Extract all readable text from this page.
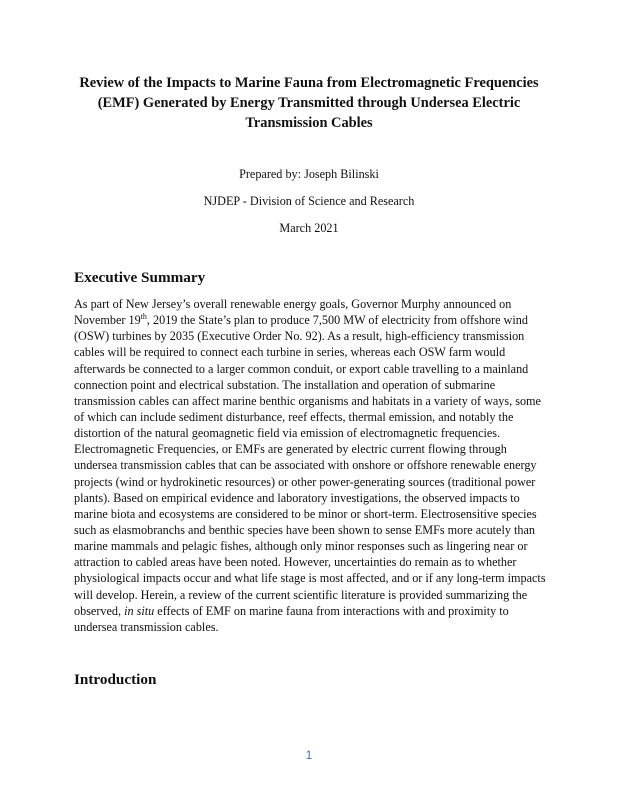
Review of the Impacts to Marine Fauna from Electromagnetic Frequencies
(EMF) Generated by Energy Transmitted through Undersea Electric
Transmission Cables
Prepared by: Joseph Bilinski
NJDEP - Division of Science and Research
March 2021
Executive Summary
As part of New Jersey’s overall renewable energy goals, Governor Murphy announced on
November 19th, 2019 the State’s plan to produce 7,500 MW of electricity from offshore wind
(OSW) turbines by 2035 (Executive Order No. 92). As a result, high-efficiency transmission
cables will be required to connect each turbine in series, whereas each OSW farm would
afterwards be connected to a larger common conduit, or export cable travelling to a mainland
connection point and electrical substation. The installation and operation of submarine
transmission cables can affect marine benthic organisms and habitats in a variety of ways, some
of which can include sediment disturbance, reef effects, thermal emission, and notably the
distortion of the natural geomagnetic field via emission of electromagnetic frequencies.
Electromagnetic Frequencies, or EMFs are generated by electric current flowing through
undersea transmission cables that can be associated with onshore or offshore renewable energy
projects (wind or hydrokinetic resources) or other power-generating sources (traditional power
plants). Based on empirical evidence and laboratory investigations, the observed impacts to
marine biota and ecosystems are considered to be minor or short-term. Electrosensitive species
such as elasmobranchs and benthic species have been shown to sense EMFs more acutely than
marine mammals and pelagic fishes, although only minor responses such as lingering near or
attraction to cabled areas have been noted. However, uncertainties do remain as to whether
physiological impacts occur and what life stage is most affected, and or if any long-term impacts
will develop. Herein, a review of the current scientific literature is provided summarizing the
observed, in situ effects of EMF on marine fauna from interactions with and proximity to
undersea transmission cables.
Introduction
1
